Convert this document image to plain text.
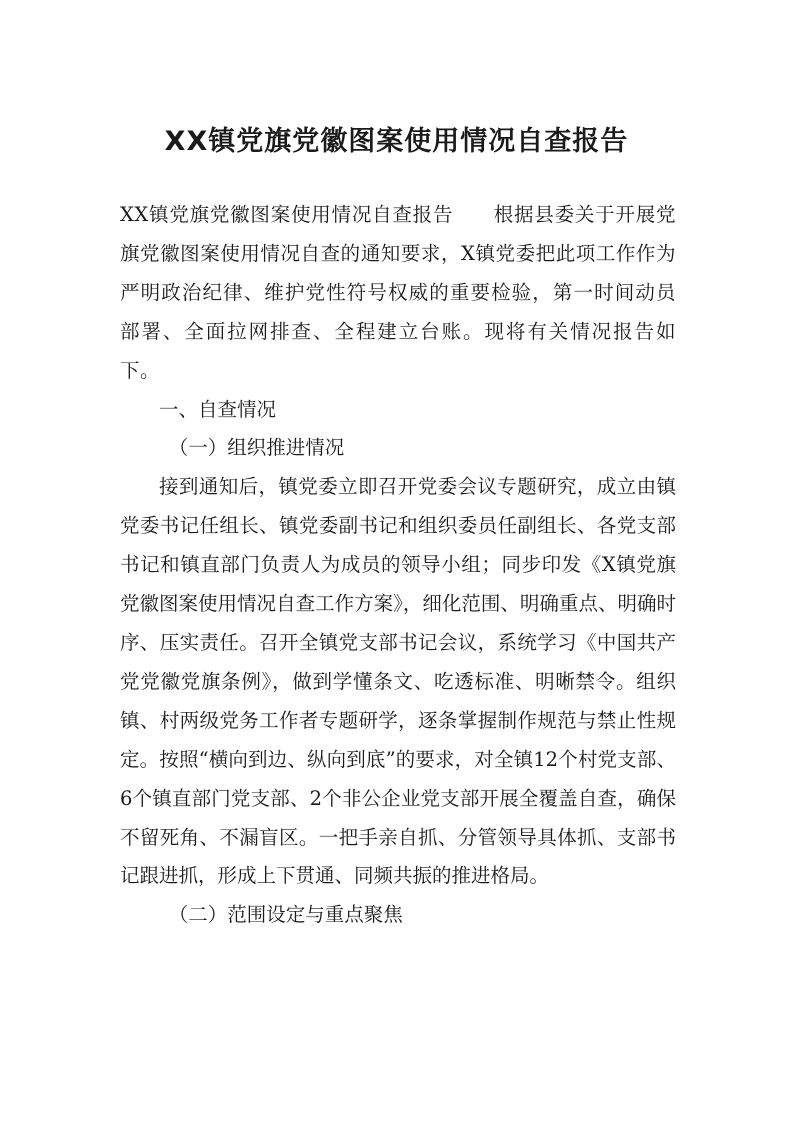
XX镇党旗党徽图案使用情况自查报告

XX镇党旗党徽图案使用情况自查报告　　根据县委关于开展党旗党徽图案使用情况自查的通知要求，X镇党委把此项工作作为严明政治纪律、维护党性符号权威的重要检验，第一时间动员部署、全面拉网排查、全程建立台账。现将有关情况报告如下。

一、自查情况

（一）组织推进情况

接到通知后，镇党委立即召开党委会议专题研究，成立由镇党委书记任组长、镇党委副书记和组织委员任副组长、各党支部书记和镇直部门负责人为成员的领导小组；同步印发《X镇党旗党徽图案使用情况自查工作方案》，细化范围、明确重点、明确时序、压实责任。召开全镇党支部书记会议，系统学习《中国共产党党徽党旗条例》，做到学懂条文、吃透标准、明晰禁令。组织镇、村两级党务工作者专题研学，逐条掌握制作规范与禁止性规定。按照“横向到边、纵向到底”的要求，对全镇12个村党支部、6个镇直部门党支部、2个非公企业党支部开展全覆盖自查，确保不留死角、不漏盲区。一把手亲自抓、分管领导具体抓、支部书记跟进抓，形成上下贯通、同频共振的推进格局。

（二）范围设定与重点聚焦
